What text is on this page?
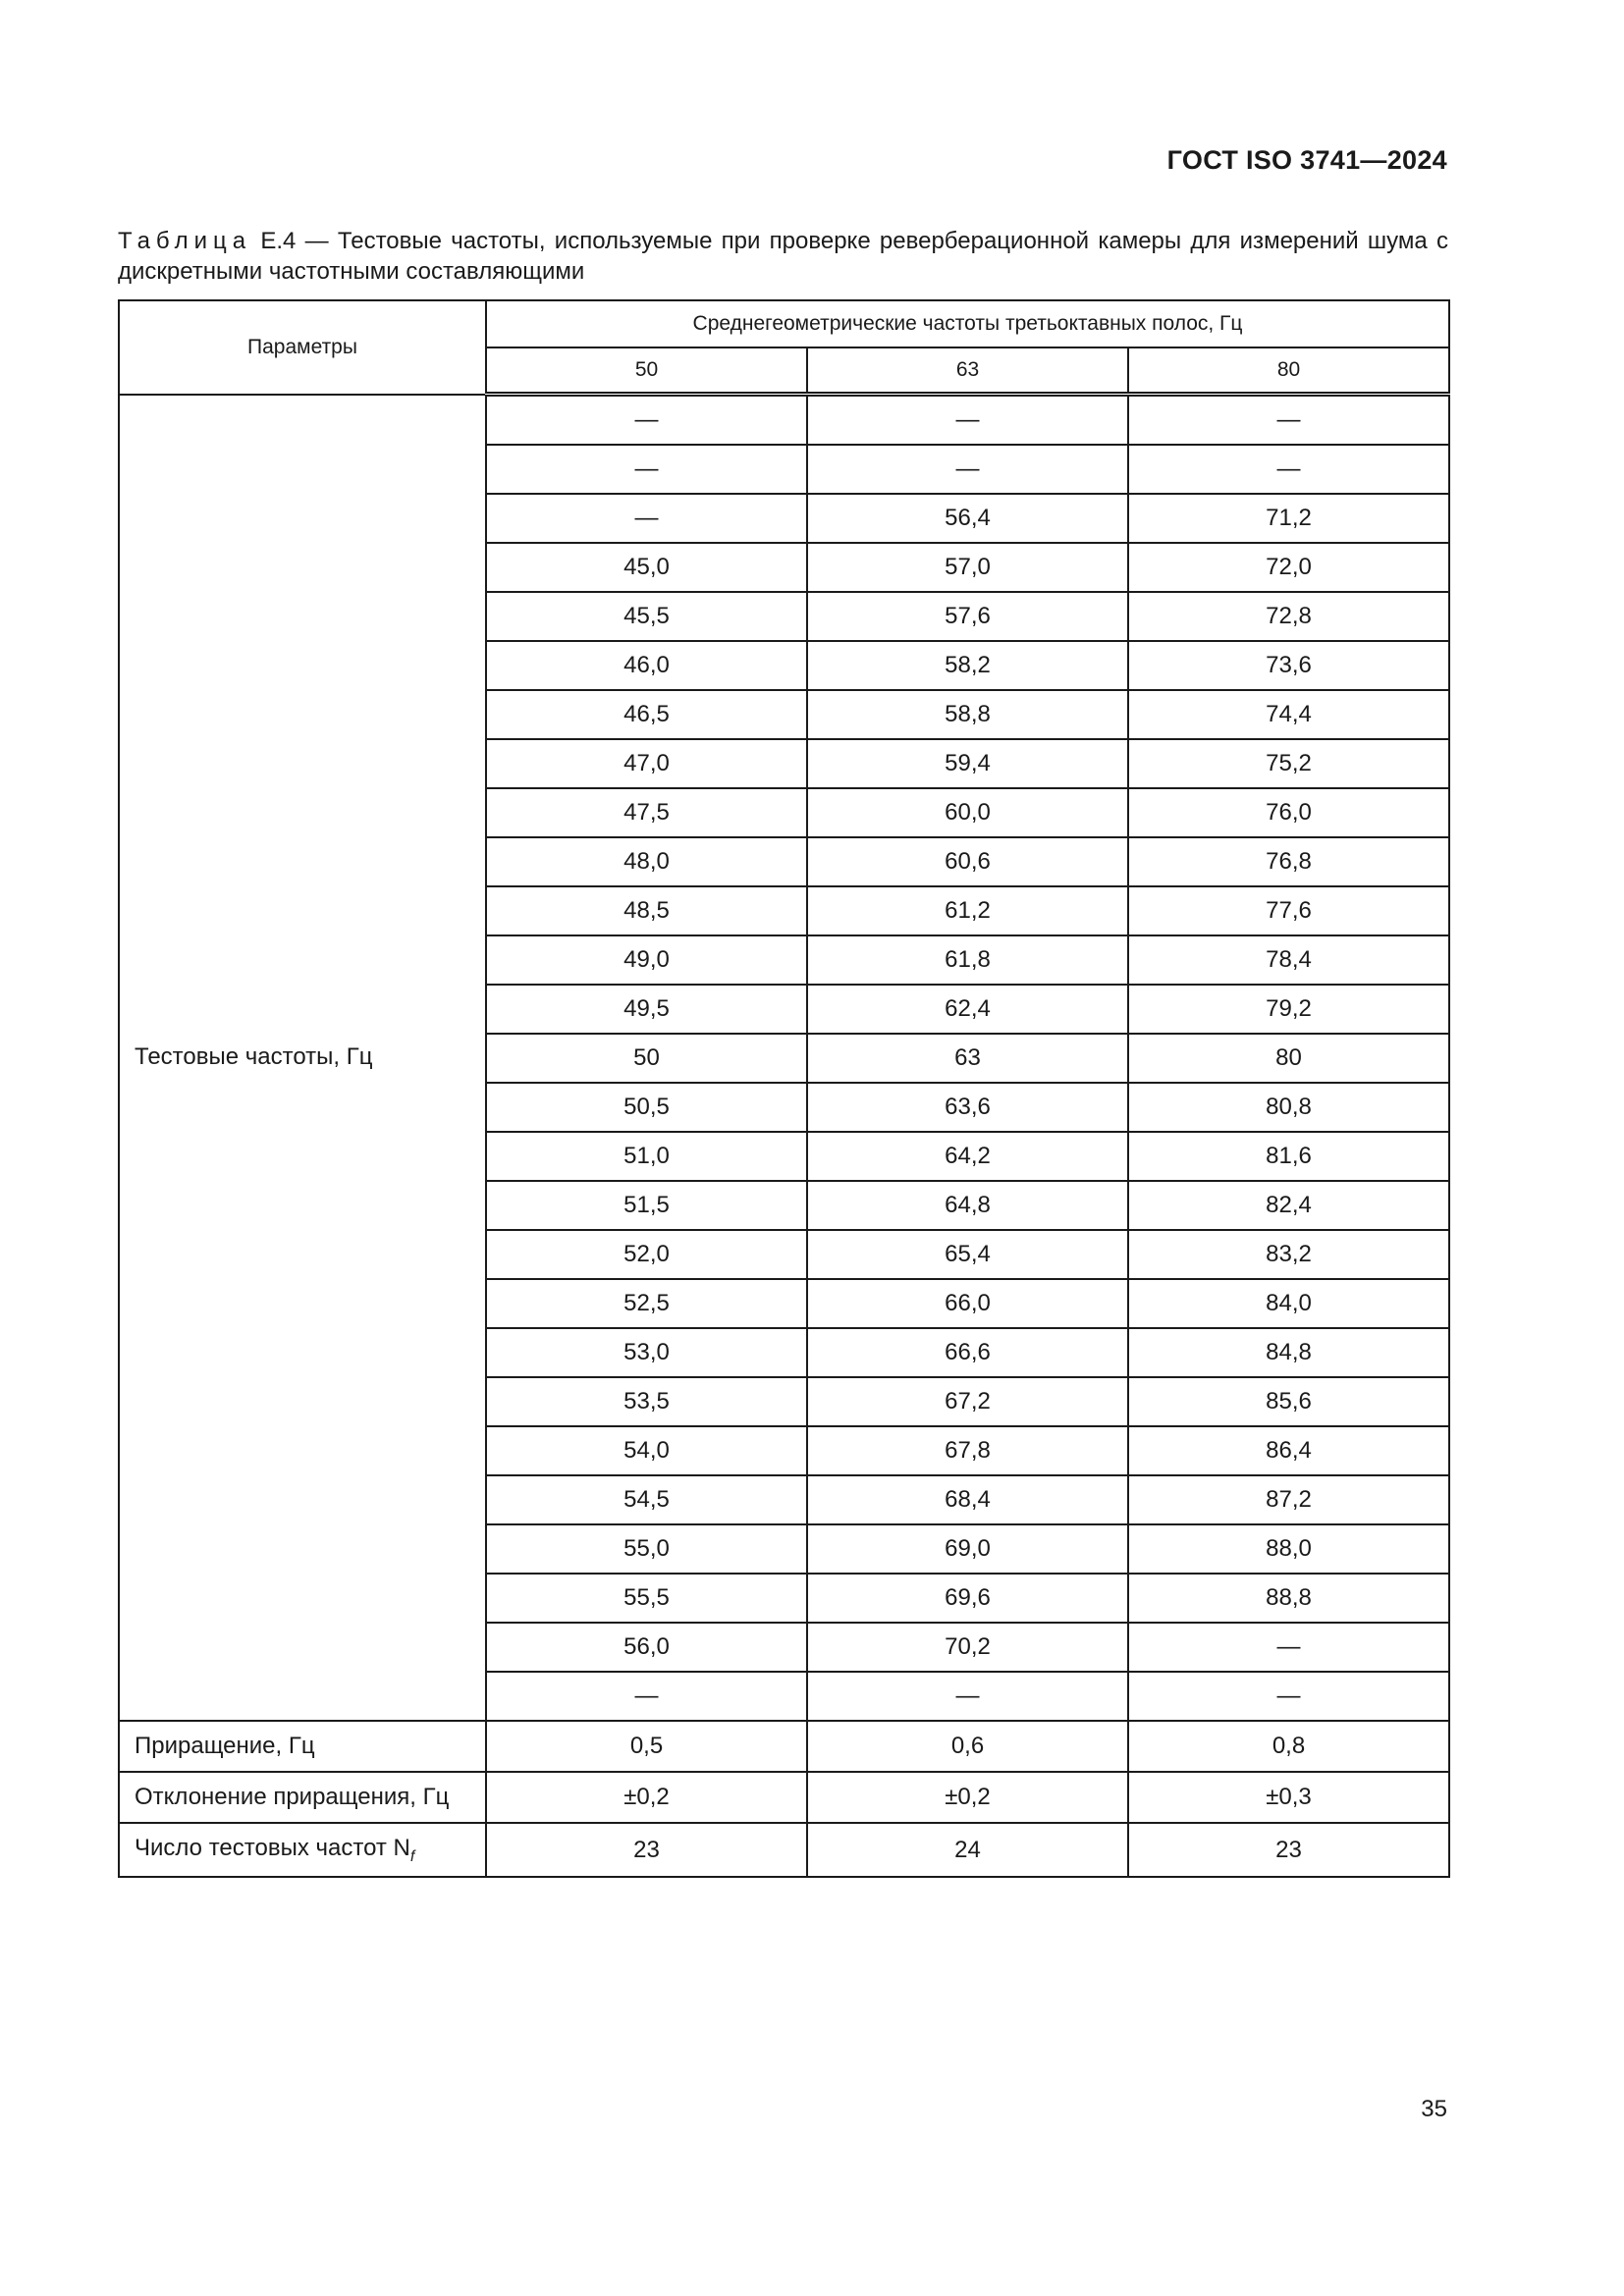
ГОСТ ISO 3741—2024
Таблица Е.4 — Тестовые частоты, используемые при проверке реверберационной камеры для измерений шума с дискретными частотными составляющими
Параметры	Среднегеометрические частоты третьоктавных полос, Гц		
	50	63	80
Тестовые частоты, Гц	—	—	—
	—	—	—
	—	56,4	71,2
	45,0	57,0	72,0
	45,5	57,6	72,8
	46,0	58,2	73,6
	46,5	58,8	74,4
	47,0	59,4	75,2
	47,5	60,0	76,0
	48,0	60,6	76,8
	48,5	61,2	77,6
	49,0	61,8	78,4
	49,5	62,4	79,2
	50	63	80
	50,5	63,6	80,8
	51,0	64,2	81,6
	51,5	64,8	82,4
	52,0	65,4	83,2
	52,5	66,0	84,0
	53,0	66,6	84,8
	53,5	67,2	85,6
	54,0	67,8	86,4
	54,5	68,4	87,2
	55,0	69,0	88,0
	55,5	69,6	88,8
	56,0	70,2	—
	—	—	—
Приращение, Гц	0,5	0,6	0,8
Отклонение приращения, Гц	±0,2	±0,2	±0,3
Число тестовых частот $N_f$	23	24	23
35
